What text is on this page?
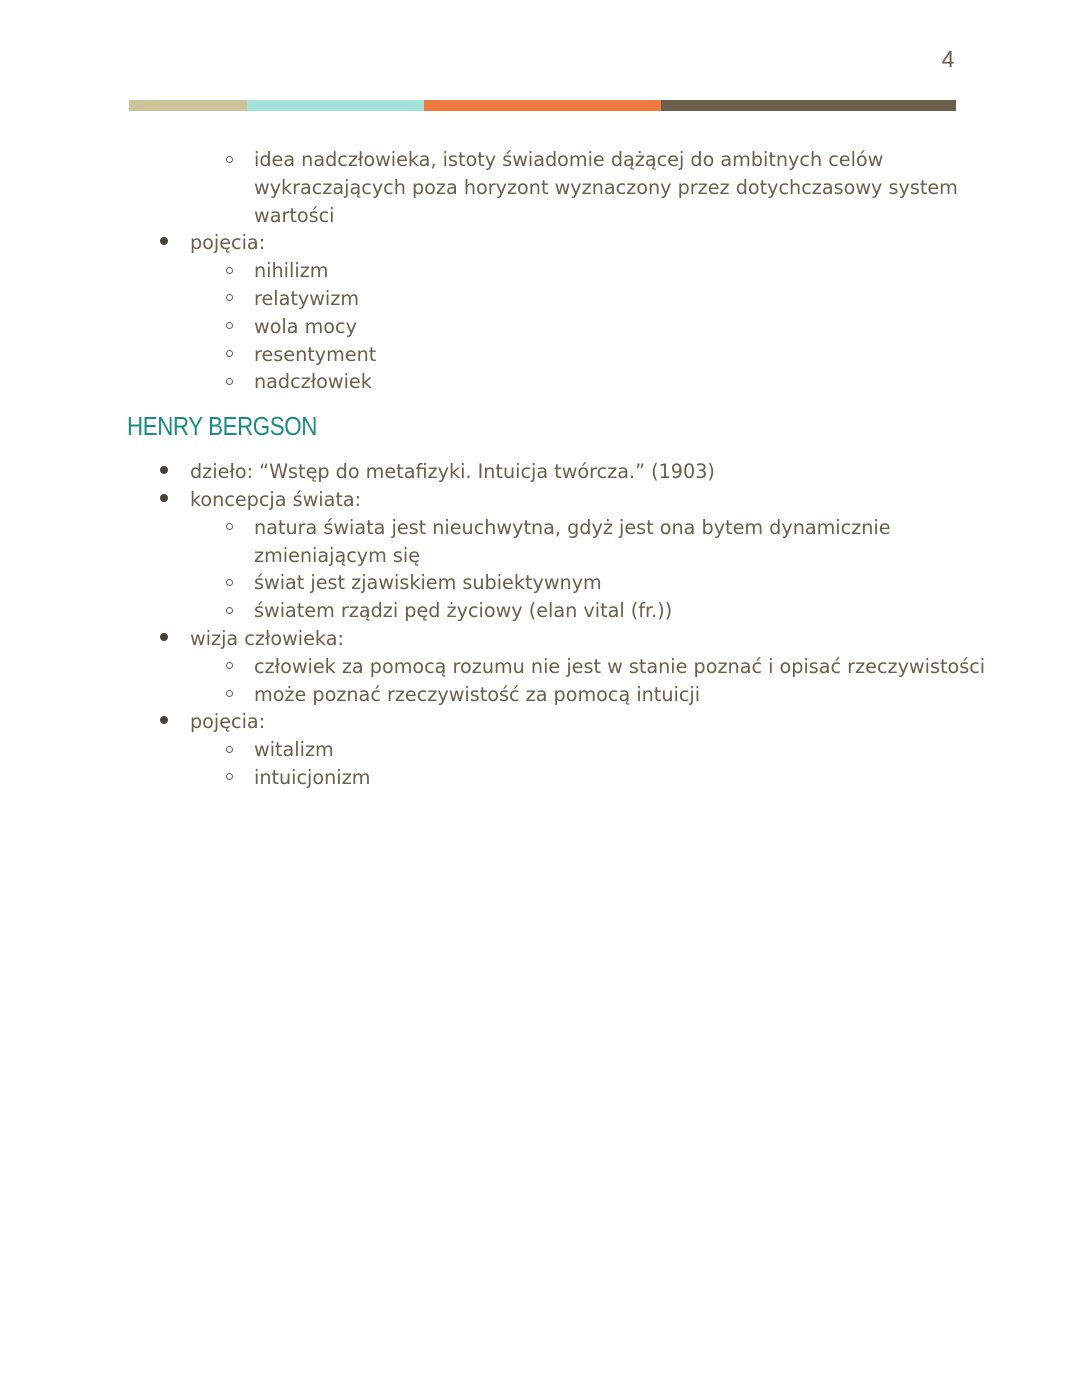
4
idea nadczłowieka, istoty świadomie dążącej do ambitnych celów
wykraczających poza horyzont wyznaczony przez dotychczasowy system
wartości
pojęcia:
nihilizm
relatywizm
wola mocy
resentyment
nadczłowiek
HENRY BERGSON
dzieło: “Wstęp do metafizyki. Intuicja twórcza.” (1903)
koncepcja świata:
natura świata jest nieuchwytna, gdyż jest ona bytem dynamicznie
zmieniającym się
świat jest zjawiskiem subiektywnym
światem rządzi pęd życiowy (elan vital (fr.))
wizja człowieka:
człowiek za pomocą rozumu nie jest w stanie poznać i opisać rzeczywistości
może poznać rzeczywistość za pomocą intuicji
pojęcia:
witalizm
intuicjonizm
